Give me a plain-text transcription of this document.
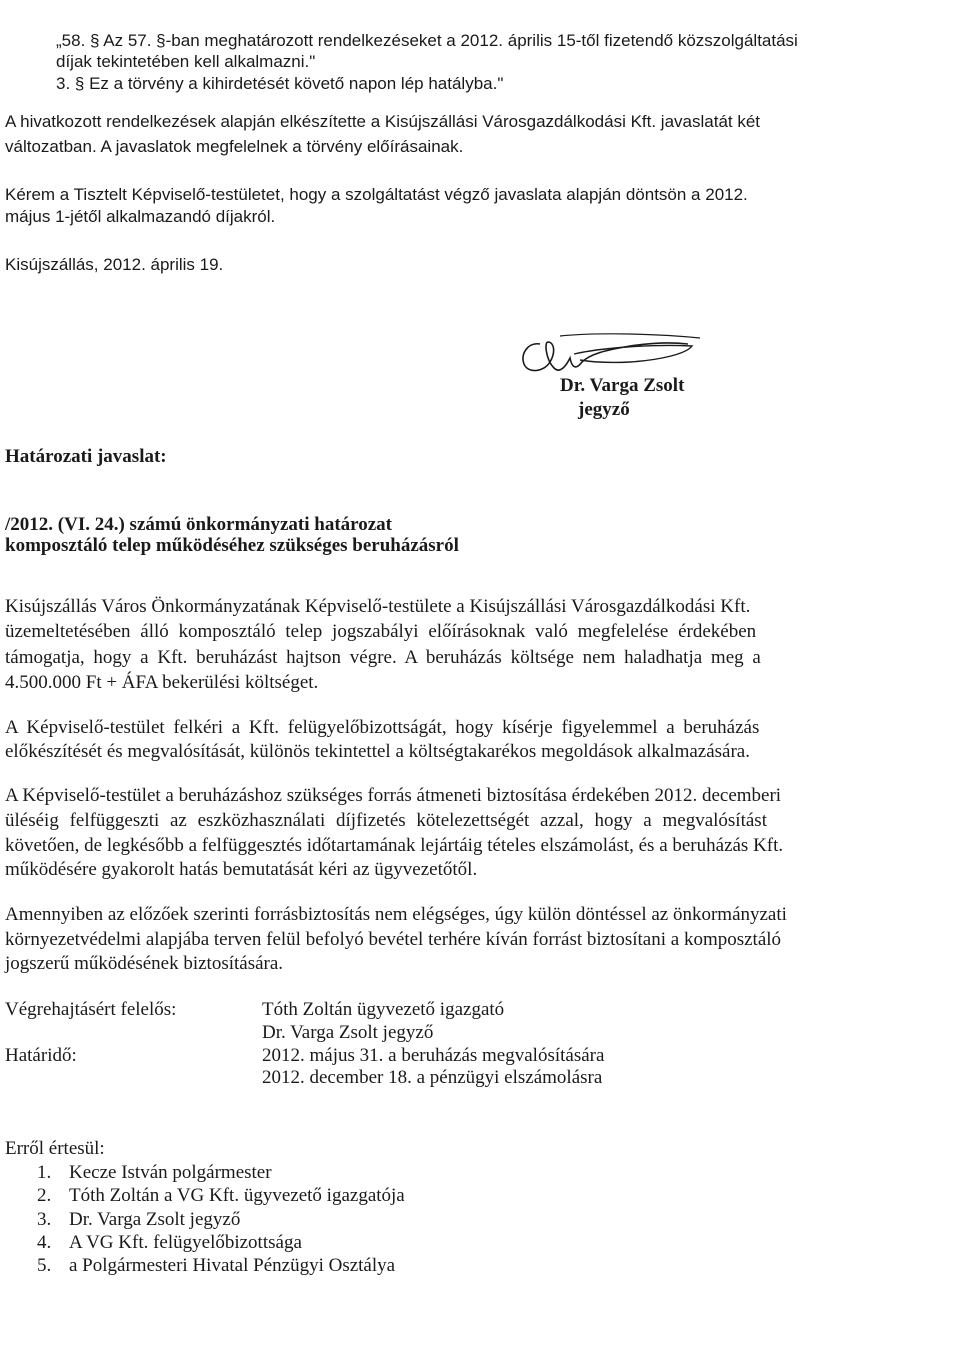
„58. § Az 57. §-ban meghatározott rendelkezéseket a 2012. április 15-től fizetendő közszolgáltatási
díjak tekintetében kell alkalmazni."
3. § Ez a törvény a kihirdetését követő napon lép hatályba."
A hivatkozott rendelkezések alapján elkészítette a Kisújszállási Városgazdálkodási Kft. javaslatát két
változatban. A javaslatok megfelelnek a törvény előírásainak.
Kérem a Tisztelt Képviselő-testületet, hogy a szolgáltatást végző javaslata alapján döntsön a 2012.
május 1-jétől alkalmazandó díjakról.
Kisújszállás, 2012. április 19.
Dr. Varga Zsolt
jegyző
Határozati javaslat:
/2012. (VI. 24.) számú önkormányzati határozat
komposztáló telep működéséhez szükséges beruházásról
Kisújszállás Város Önkormányzatának Képviselő-testülete a Kisújszállási Városgazdálkodási Kft.
üzemeltetésében álló komposztáló telep jogszabályi előírásoknak való megfelelése érdekében
támogatja, hogy a Kft. beruházást hajtson végre. A beruházás költsége nem haladhatja meg a
4.500.000 Ft + ÁFA bekerülési költséget.
A Képviselő-testület felkéri a Kft. felügyelőbizottságát, hogy kísérje figyelemmel a beruházás
előkészítését és megvalósítását, különös tekintettel a költségtakarékos megoldások alkalmazására.
A Képviselő-testület a beruházáshoz szükséges forrás átmeneti biztosítása érdekében 2012. decemberi
üléséig felfüggeszti az eszközhasználati díjfizetés kötelezettségét azzal, hogy a megvalósítást
követően, de legkésőbb a felfüggesztés időtartamának lejártáig tételes elszámolást, és a beruházás Kft.
működésére gyakorolt hatás bemutatását kéri az ügyvezetőtől.
Amennyiben az előzőek szerinti forrásbiztosítás nem elégséges, úgy külön döntéssel az önkormányzati
környezetvédelmi alapjába terven felül befolyó bevétel terhére kíván forrást biztosítani a komposztáló
jogszerű működésének biztosítására.
Végrehajtásért felelős:	Tóth Zoltán ügyvezető igazgató
Dr. Varga Zsolt jegyző
Határidő:	2012. május 31. a beruházás megvalósítására
2012. december 18. a pénzügyi elszámolásra
Erről értesül:
1. Kecze István polgármester
2. Tóth Zoltán a VG Kft. ügyvezető igazgatója
3. Dr. Varga Zsolt jegyző
4. A VG Kft. felügyelőbizottsága
5. a Polgármesteri Hivatal Pénzügyi Osztálya
